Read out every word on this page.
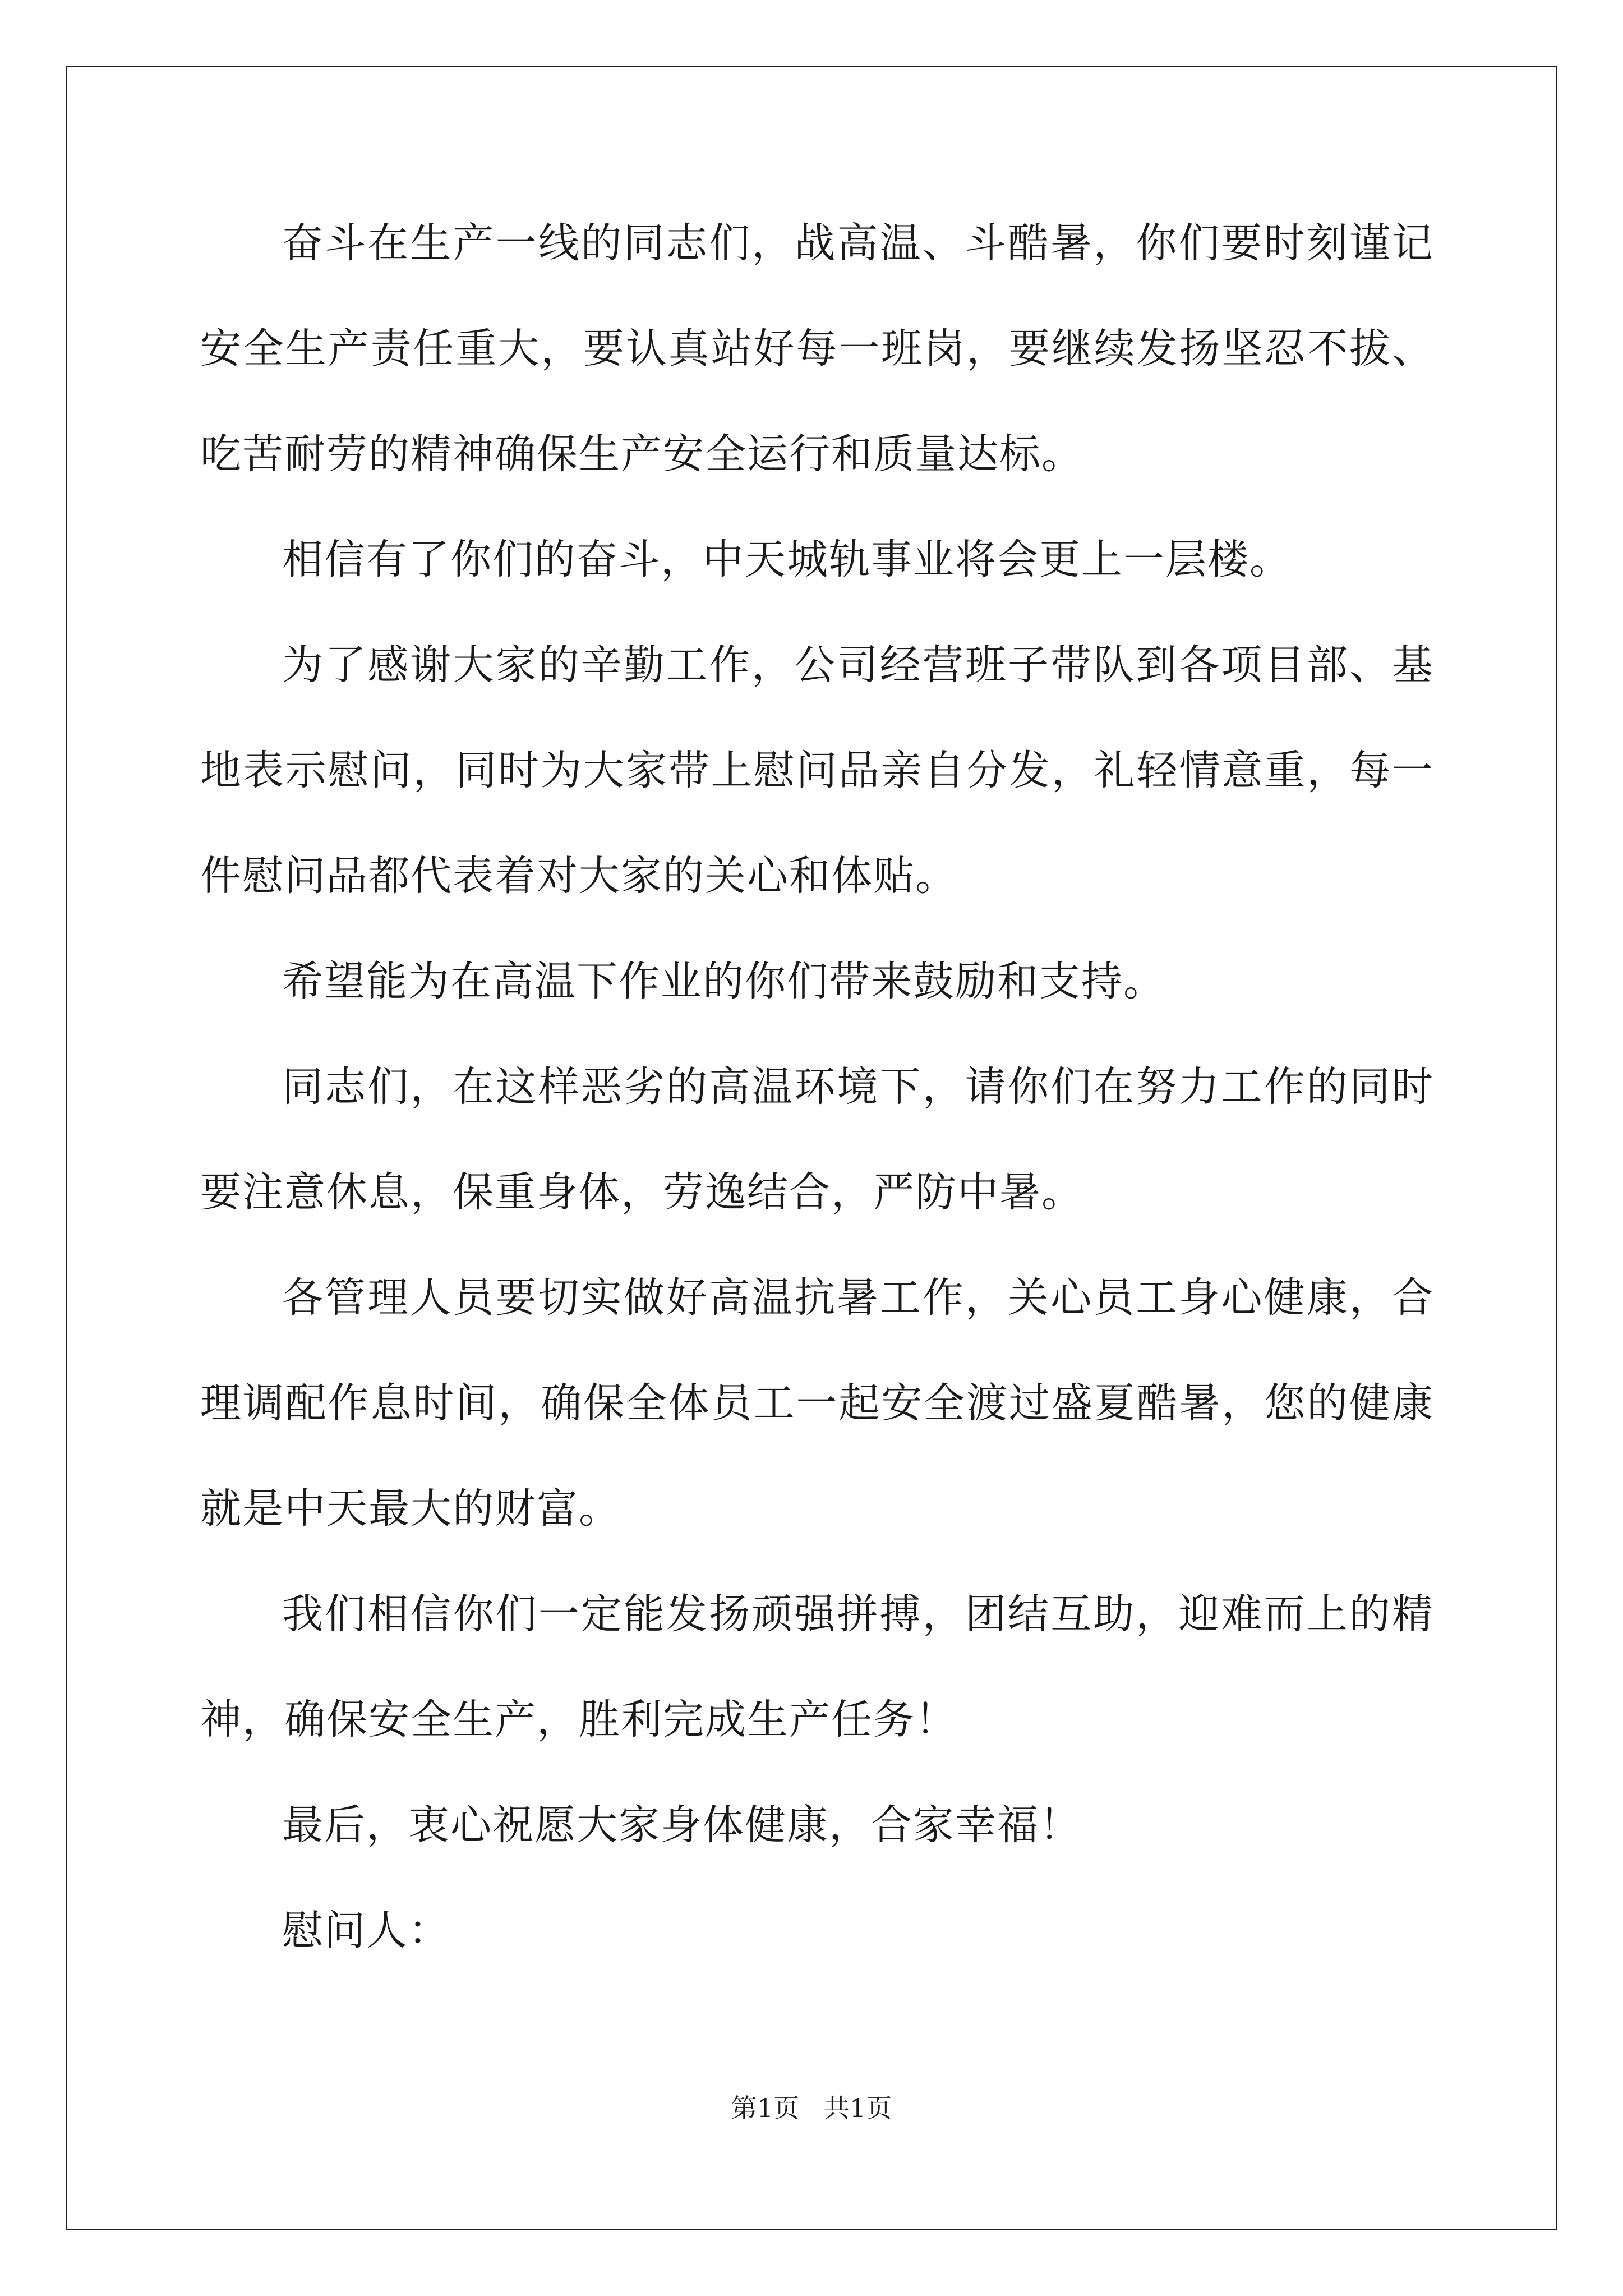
奋斗在生产一线的同志们，战高温、斗酷暑，你们要时刻谨记安全生产责任重大，要认真站好每一班岗，要继续发扬坚忍不拔、吃苦耐劳的精神确保生产安全运行和质量达标。

相信有了你们的奋斗，中天城轨事业将会更上一层楼。

为了感谢大家的辛勤工作，公司经营班子带队到各项目部、基地表示慰问，同时为大家带上慰问品亲自分发，礼轻情意重，每一件慰问品都代表着对大家的关心和体贴。

希望能为在高温下作业的你们带来鼓励和支持。

同志们，在这样恶劣的高温环境下，请你们在努力工作的同时要注意休息，保重身体，劳逸结合，严防中暑。

各管理人员要切实做好高温抗暑工作，关心员工身心健康，合理调配作息时间，确保全体员工一起安全渡过盛夏酷暑，您的健康就是中天最大的财富。

我们相信你们一定能发扬顽强拼搏，团结互助，迎难而上的精神，确保安全生产，胜利完成生产任务！

最后，衷心祝愿大家身体健康，合家幸福！

慰问人：

第1页   共1页
